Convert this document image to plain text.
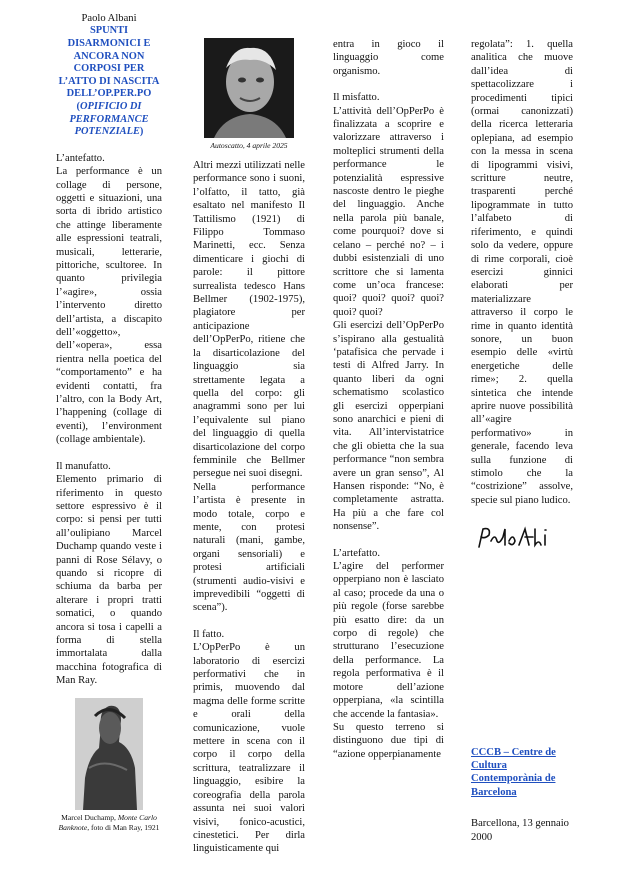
Paolo Albani
SPUNTI DISARMONICI E ANCORA NON CORPOSI PER L’ATTO DI NASCITA DELL’OP.PER.PO (OPIFICIO DI PERFORMANCE POTENZIALE)

L’antefatto.

La performance è un collage di persone, oggetti e situazioni, una sorta di ibrido artistico che attinge liberamente alle espressioni teatrali, musicali, letterarie, pittoriche, scultoree. In quanto privilegia l’«agire», ossia l’intervento diretto dell’artista, a discapito dell’«oggetto», dell’«opera», essa rientra nella poetica del “comportamento” e ha evidenti contatti, fra l’altro, con la Body Art, l’happening (collage di eventi), l’environment (collage ambientale).

Il manufatto.

Elemento primario di riferimento in questo settore espressivo è il corpo: si pensi per tutti all’oulipiano Marcel Duchamp quando veste i panni di Rose Sélavy, o quando si ricopre di schiuma da barba per alterare i propri tratti somatici, o quando ancora si tosa i capelli a forma di stella immortalata dalla macchina fotografica di Man Ray.

Marcel Duchamp, Monte Carlo Banknote, foto di Man Ray, 1921
Autoscatto, 4 aprile 2025

Altri mezzi utilizzati nelle performance sono i suoni, l’olfatto, il tatto, già esaltato nel manifesto Il Tattilismo (1921) di Filippo Tommaso Marinetti, ecc. Senza dimenticare i giochi di parole: il pittore surrealista tedesco Hans Bellmer (1902-1975), plagiatore per anticipazione dell’OpPerPo, ritiene che la disarticolazione del linguaggio sia strettamente legata a quella del corpo: gli anagrammi sono per lui l’equivalente sul piano del linguaggio di quella disarticolazione del corpo femminile che Bellmer persegue nei suoi disegni.

Nella performance l’artista è presente in modo totale, corpo e mente, con protesi naturali (mani, gambe, organi sensoriali) e protesi artificiali (strumenti audio-visivi e imprevedibili “oggetti di scena”).

Il fatto.

L’OpPerPo è un laboratorio di esercizi performativi che in primis, muovendo dal magma delle forme scritte e orali della comunicazione, vuole mettere in scena con il corpo il corpo della scrittura, teatralizzare il linguaggio, esibire la coreografia della parola assunta nei suoi valori visivi, fonico-acustici, cinestetici. Per dirla linguisticamente qui

entra in gioco il linguaggio come organismo.

Il misfatto.

L’attività dell’OpPerPo è finalizzata a scoprire e valorizzare attraverso i molteplici strumenti della performance le potenzialità espressive nascoste dentro le pieghe del linguaggio. Anche nella parola più banale, come pourquoi? dove si celano – perché no? – i dubbi esistenziali di uno scrittore che si lamenta come un’oca francese: quoi? quoi? quoi? quoi? quoi? quoi?

Gli esercizi dell’OpPerPo s’ispirano alla gestualità ‘patafisica che pervade i testi di Alfred Jarry. In quanto liberi da ogni schematismo scolastico gli esercizi opperpiani sono anarchici e pieni di vita. All’intervistatrice che gli obietta che la sua performance “non sembra avere un gran senso”, Al Hansen risponde: “No, è completamente astratta. Ha più a che fare col nonsense”.

L’artefatto.

L’agire del performer opperpiano non è lasciato al caso; procede da una o più regole (forse sarebbe più esatto dire: da un corpo di regole) che strutturano l’esecuzione della performance. La regola performativa è il motore dell’azione opperpiana, «la scintilla che accende la fantasia».

Su questo terreno si distinguono due tipi di “azione opperpianamente

regolata”: 1. quella analitica che muove dall’idea di spettacolizzare i procedimenti tipici (ormai canonizzati) della ricerca letteraria oplepiana, ad esempio con la messa in scena di lipogrammi visivi, scritture neutre, trasparenti perché lipogrammate in tutto l’alfabeto di riferimento, e quindi solo da vedere, oppure di rime corporali, cioè esercizi ginnici elaborati per materializzare attraverso il corpo le rime in quanto identità sonore, un buon esempio delle «virtù energetiche delle rime»; 2. quella sintetica che intende aprire nuove possibilità all’«agire performativo» in generale, facendo leva sulla funzione di stimolo che la “costrizione” assolve, specie sul piano ludico.

CCCB – Centre de Cultura Contemporània de Barcelona

Barcellona, 13 gennaio 2000
